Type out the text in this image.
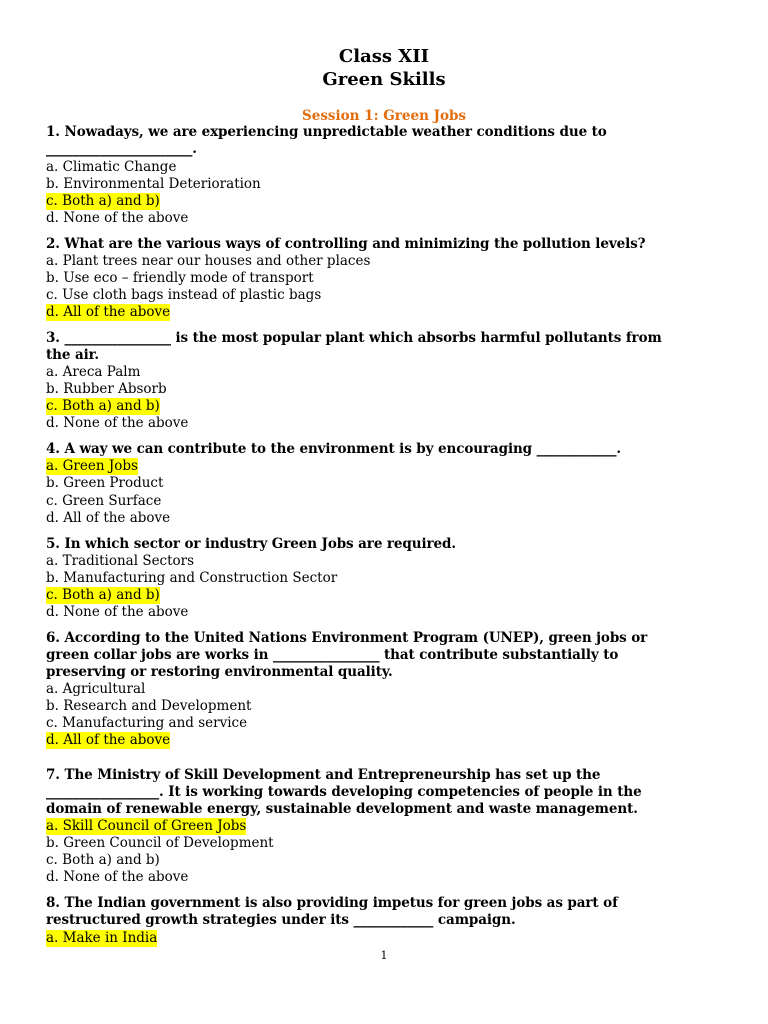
Class XII
Green Skills
Session 1: Green Jobs
1. Nowadays, we are experiencing unpredictable weather conditions due to
______________________.
a. Climatic Change
b. Environmental Deterioration
c. Both a) and b)
d. None of the above
2. What are the various ways of controlling and minimizing the pollution levels?
a. Plant trees near our houses and other places
b. Use eco – friendly mode of transport
c. Use cloth bags instead of plastic bags
d. All of the above
3. ________________ is the most popular plant which absorbs harmful pollutants from
the air.
a. Areca Palm
b. Rubber Absorb
c. Both a) and b)
d. None of the above
4. A way we can contribute to the environment is by encouraging ____________.
a. Green Jobs
b. Green Product
c. Green Surface
d. All of the above
5. In which sector or industry Green Jobs are required.
a. Traditional Sectors
b. Manufacturing and Construction Sector
c. Both a) and b)
d. None of the above
6. According to the United Nations Environment Program (UNEP), green jobs or
green collar jobs are works in ________________ that contribute substantially to
preserving or restoring environmental quality.
a. Agricultural
b. Research and Development
c. Manufacturing and service
d. All of the above
7. The Ministry of Skill Development and Entrepreneurship has set up the
_________________. It is working towards developing competencies of people in the
domain of renewable energy, sustainable development and waste management.
a. Skill Council of Green Jobs
b. Green Council of Development
c. Both a) and b)
d. None of the above
8. The Indian government is also providing impetus for green jobs as part of
restructured growth strategies under its ____________ campaign.
a. Make in India
1
